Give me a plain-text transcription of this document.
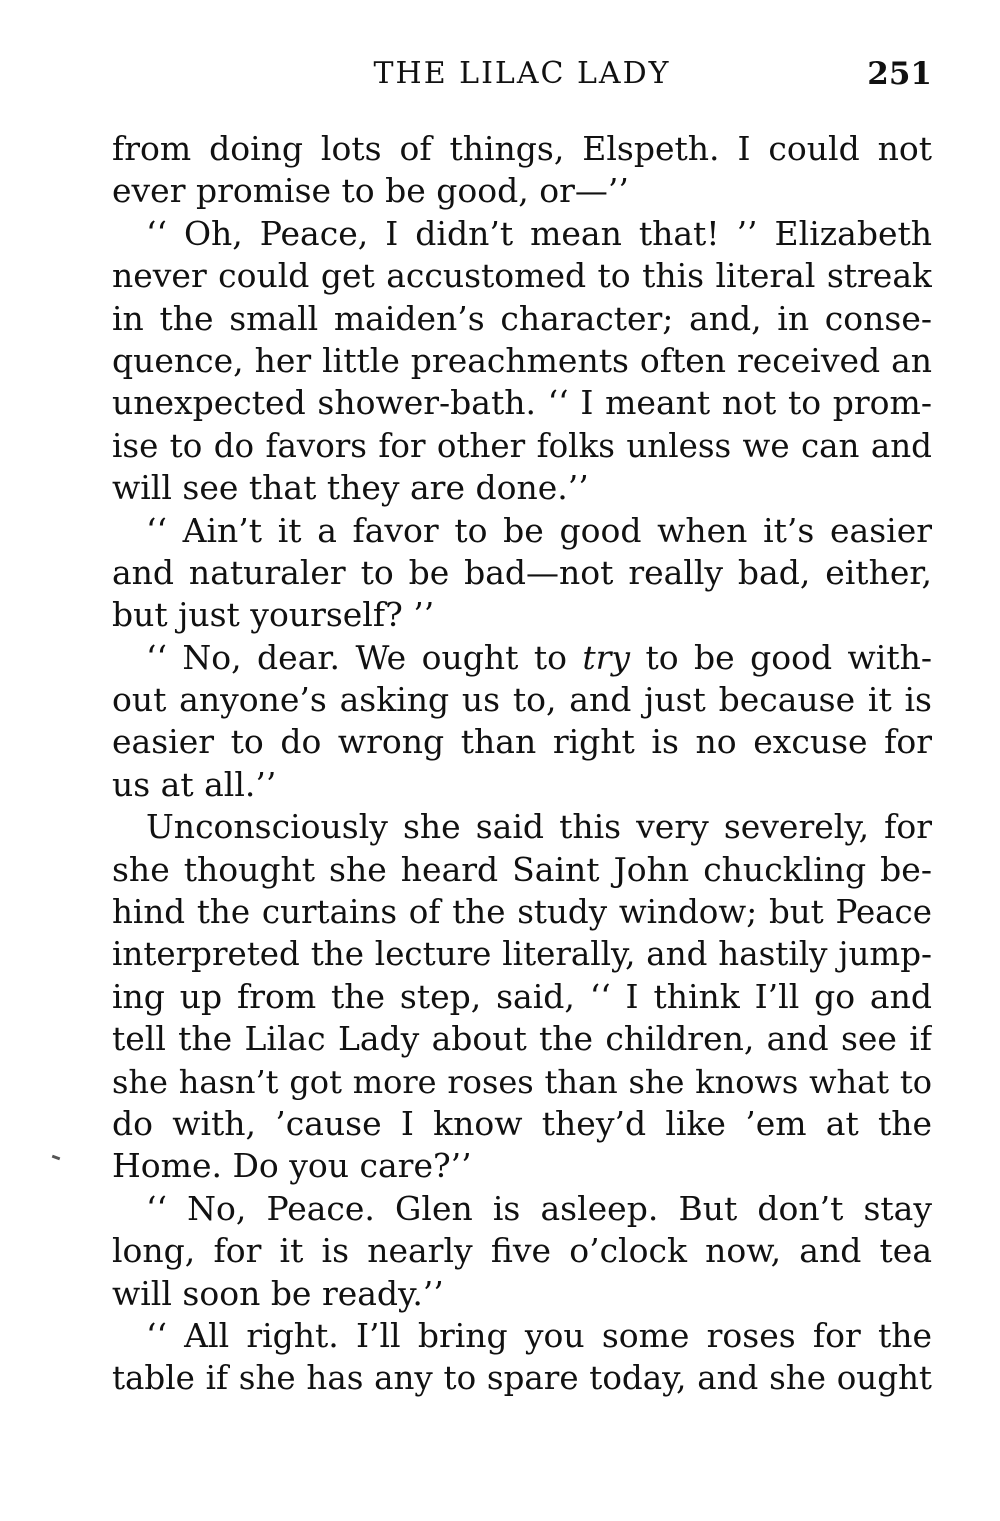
THE LILAC LADY	251
from doing lots of things, Elspeth. I could not
ever promise to be good, or—’’
‘‘ Oh, Peace, I didn’t mean that! ’’ Elizabeth
never could get accustomed to this literal streak
in the small maiden’s character; and, in conse-
quence, her little preachments often received an
unexpected shower-bath. ‘‘ I meant not to prom-
ise to do favors for other folks unless we can and
will see that they are done.’’
‘‘ Ain’t it a favor to be good when it’s easier
and naturaler to be bad—not really bad, either,
but just yourself? ’’
‘‘ No, dear. We ought to try to be good with-
out anyone’s asking us to, and just because it is
easier to do wrong than right is no excuse for
us at all.’’
Unconsciously she said this very severely, for
she thought she heard Saint John chuckling be-
hind the curtains of the study window; but Peace
interpreted the lecture literally, and hastily jump-
ing up from the step, said, ‘‘ I think I’ll go and
tell the Lilac Lady about the children, and see if
she hasn’t got more roses than she knows what to
do with, ’cause I know they’d like ’em at the
Home. Do you care?’’
‘‘ No, Peace. Glen is asleep. But don’t stay
long, for it is nearly five o’clock now, and tea
will soon be ready.’’
‘‘ All right. I’ll bring you some roses for the
table if she has any to spare today, and she ought
